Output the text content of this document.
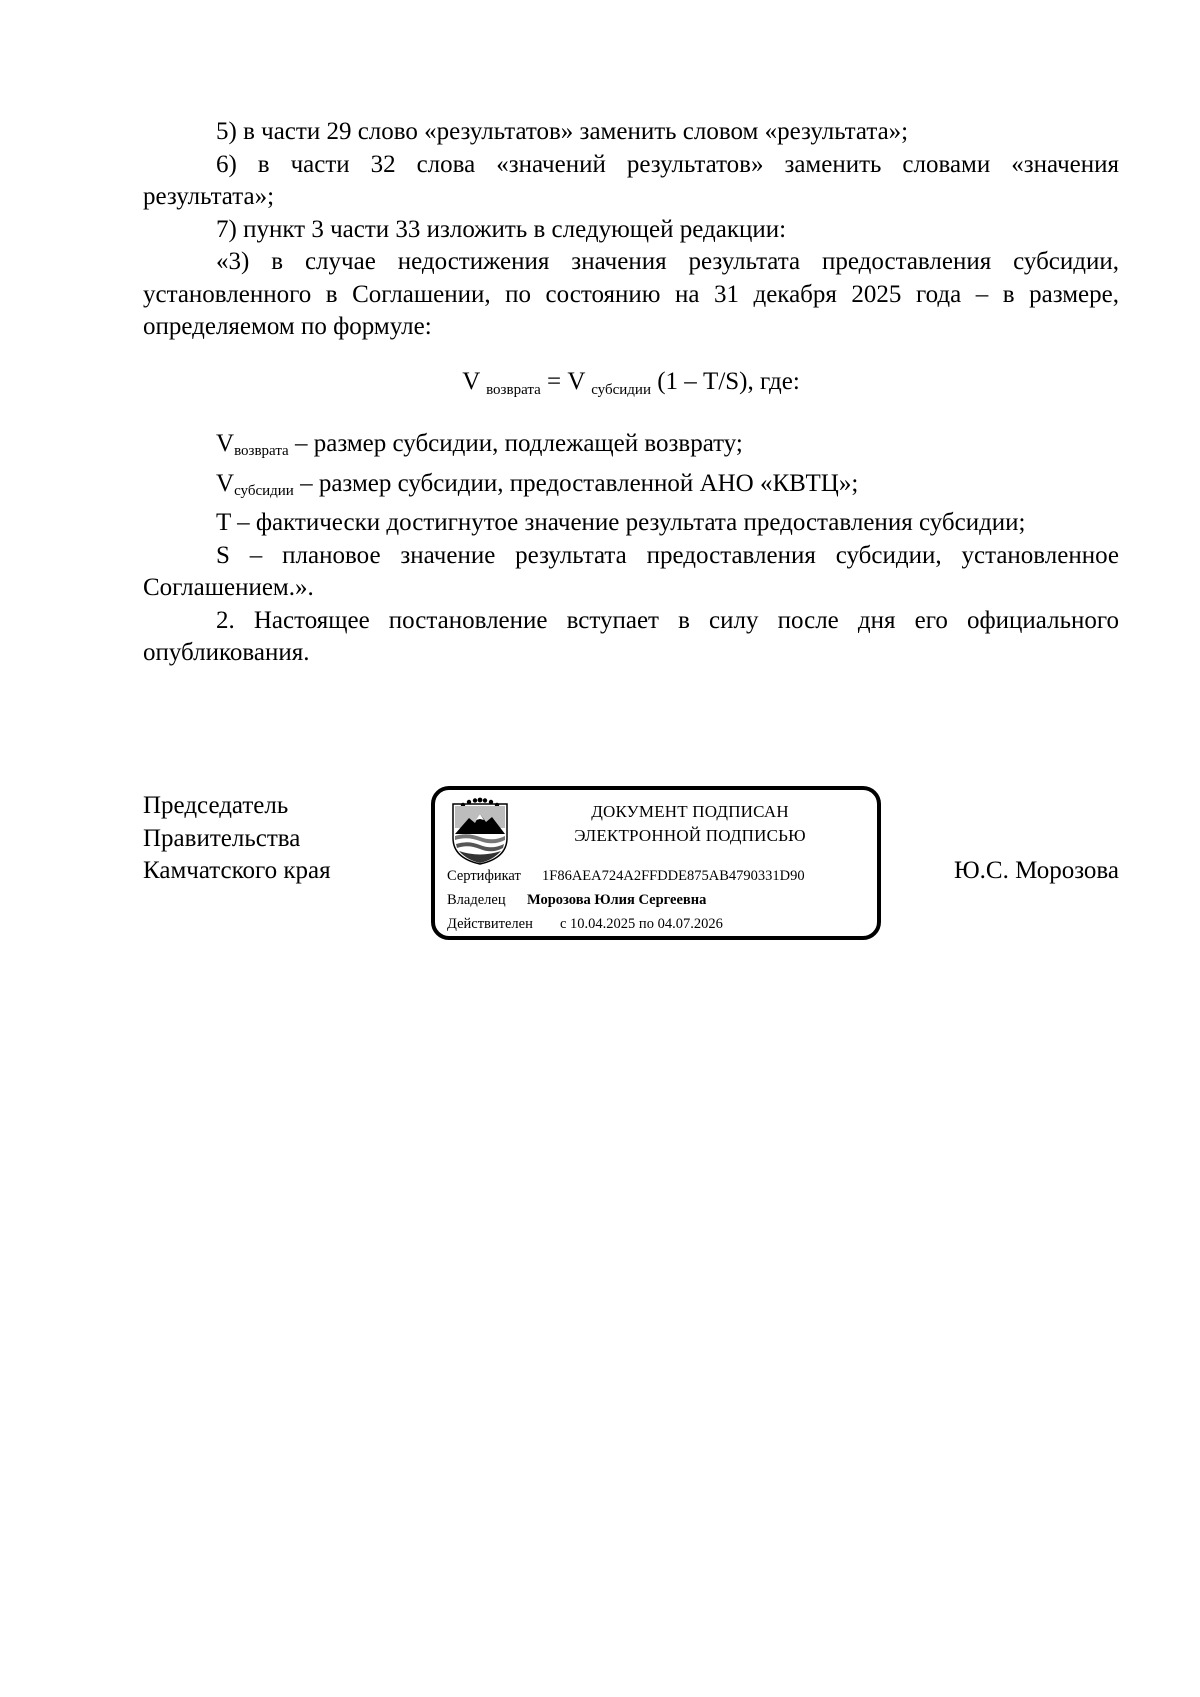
5) в части 29 слово «результатов» заменить словом «результата»;

6) в части 32 слова «значений результатов» заменить словами «значения результата»;

7) пункт 3 части 33 изложить в следующей редакции:

«3) в случае недостижения значения результата предоставления субсидии, установленного в Соглашении, по состоянию на 31 декабря 2025 года – в размере, определяемом по формуле:

V $_{возврата}$ = V $_{субсидии}$ (1 – T/S), где:

$V_{возврата}$ – размер субсидии, подлежащей возврату;

$V_{субсидии}$ – размер субсидии, предоставленной АНО «КВТЦ»;

T – фактически достигнутое значение результата предоставления субсидии;

S – плановое значение результата предоставления субсидии, установленное Соглашением.».

2. Настоящее постановление вступает в силу после дня его официального опубликования.

Председатель
Правительства
Камчатского края
ДОКУМЕНТ ПОДПИСАН
ЭЛЕКТРОННОЙ ПОДПИСЬЮ
Сертификат 1F86AEA724A2FFDDE875AB4790331D90
Владелец Морозова Юлия Сергеевна
Действителен с 10.04.2025 по 04.07.2026
Ю.С. Морозова
